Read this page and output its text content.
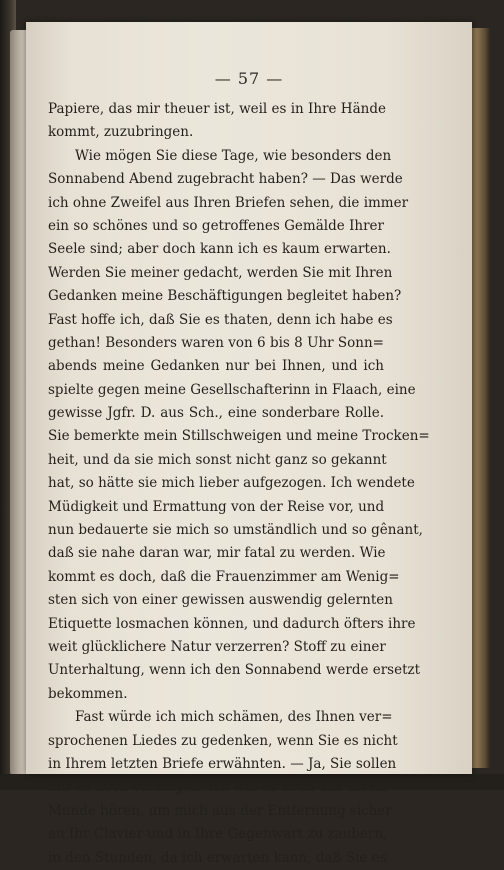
— 57 —
Papiere, das mir theuer ist, weil es in Ihre Hände
kommt, zuzubringen.
Wie mögen Sie diese Tage, wie besonders den
Sonnabend Abend zugebracht haben? — Das werde
ich ohne Zweifel aus Ihren Briefen sehen, die immer
ein so schönes und so getroffenes Gemälde Ihrer
Seele sind; aber doch kann ich es kaum erwarten.
Werden Sie meiner gedacht, werden Sie mit Ihren
Gedanken meine Beschäftigungen begleitet haben?
Fast hoffe ich, daß Sie es thaten, denn ich habe es
gethan! Besonders waren von 6 bis 8 Uhr Sonn=
abends meine Gedanken nur bei Ihnen, und ich
spielte gegen meine Gesellschafterinn in Flaach, eine
gewisse Jgfr. D. aus Sch., eine sonderbare Rolle.
Sie bemerkte mein Stillschweigen und meine Trocken=
heit, und da sie mich sonst nicht ganz so gekannt
hat, so hätte sie mich lieber aufgezogen. Ich wendete
Müdigkeit und Ermattung von der Reise vor, und
nun bedauerte sie mich so umständlich und so gênant,
daß sie nahe daran war, mir fatal zu werden. Wie
kommt es doch, daß die Frauenzimmer am Wenig=
sten sich von einer gewissen auswendig gelernten
Etiquette losmachen können, und dadurch öfters ihre
weit glücklichere Natur verzerren? Stoff zu einer
Unterhaltung, wenn ich den Sonnabend werde ersetzt
bekommen.
Fast würde ich mich schämen, des Ihnen ver=
sprochenen Liedes zu gedenken, wenn Sie es nicht
in Ihrem letzten Briefe erwähnten. — Ja, Sie sollen
mir es noch vorsingen: ich will es noch aus Ihrem
Munde hören, um mich aus der Entfernung sicher
an Ihr Clavier und in Ihre Gegenwart zu zaubern,
in den Stunden, da ich erwarten kann, daß Sie es
